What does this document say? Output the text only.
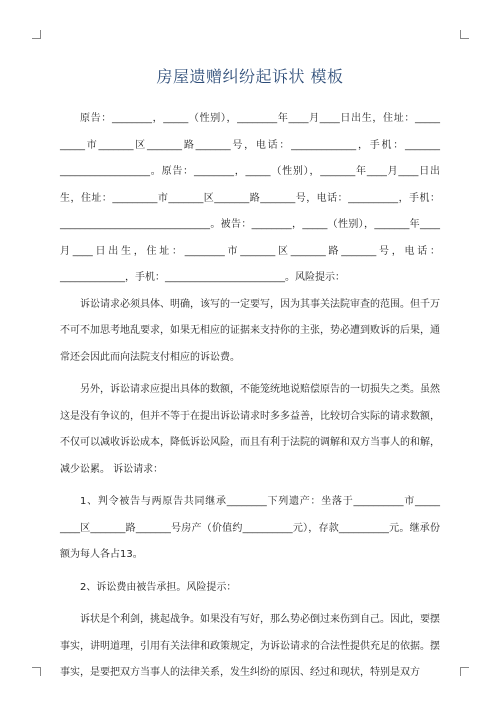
房屋遗赠纠纷起诉状 模板

原告：________，_____（性别），________年____月____日出生，住址：_____ _____市_______区_______路_______号，电话：_____________，手机：_______ __________________。原告：________，_____（性别），_______年____月____日出生，住址：_________市_______区_______路_______号，电话：__________，手机：______________________________。被告：________，_____（性别），_______年____月____日出生，住址：________市_______区_______路_______号，电话：_____________，手机：________________________。风险提示：

诉讼请求必须具体、明确，该写的一定要写，因为其事关法院审查的范围。但千万不可不加思考地乱要求，如果无相应的证据来支持你的主张，势必遭到败诉的后果，通常还会因此而向法院支付相应的诉讼费。

另外，诉讼请求应提出具体的数额，不能笼统地说赔偿原告的一切损失之类。虽然这是没有争议的，但并不等于在提出诉讼请求时多多益善，比较切合实际的请求数额，不仅可以减收诉讼成本，降低诉讼风险，而且有利于法院的调解和双方当事人的和解，减少讼累。 诉讼请求：

1、判令被告与两原告共同继承________下列遗产：坐落于__________市_____ ____区_______路_______号房产（价值约__________元），存款__________元。继承份额为每人各占13。

2、诉讼费由被告承担。风险提示：

诉状是个利剑，挑起战争。如果没有写好，那么势必倒过来伤到自己。因此，要摆事实，讲明道理，引用有关法律和政策规定，为诉讼请求的合法性提供充足的依据。摆事实，是要把双方当事人的法律关系，发生纠纷的原因、经过和现状，特别是双方
